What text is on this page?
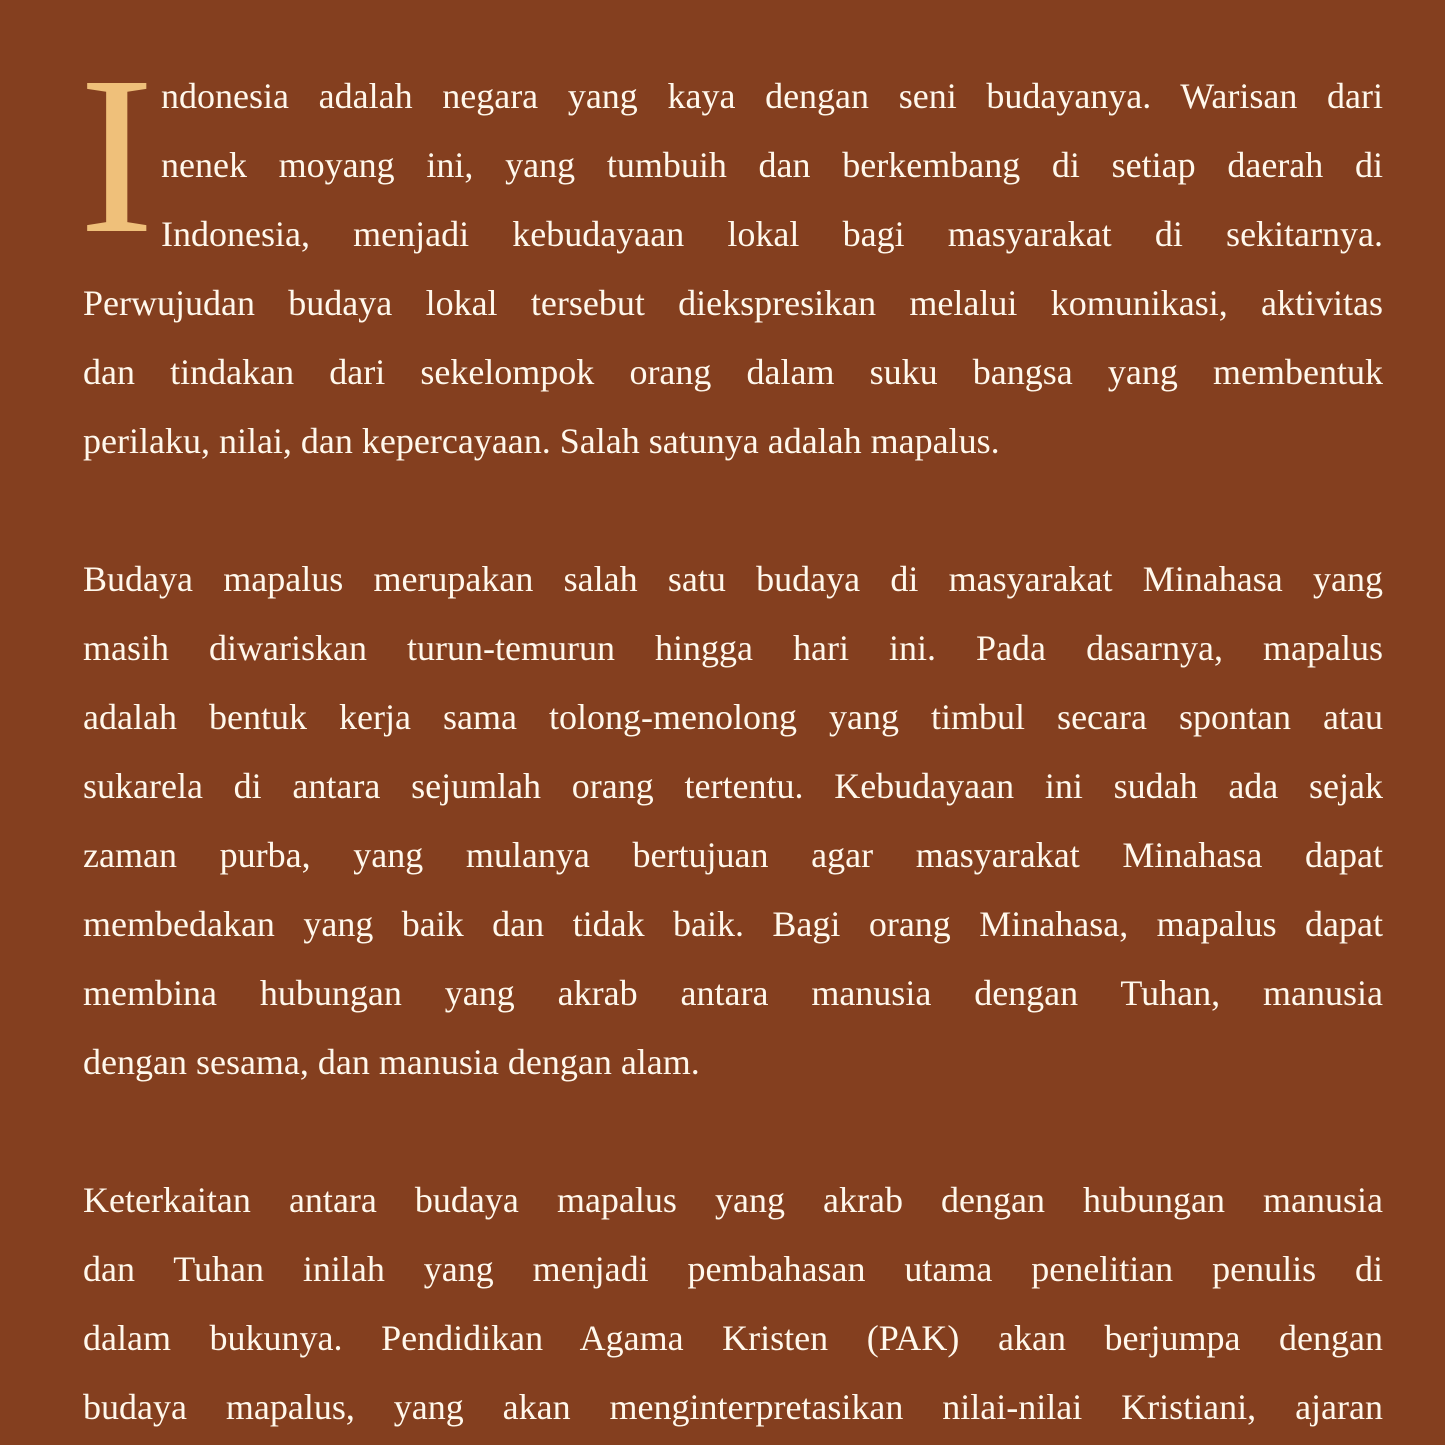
I ndonesia adalah negara yang kaya dengan seni budayanya. Warisan dari
nenek moyang ini, yang tumbuih dan berkembang di setiap daerah di
Indonesia, menjadi kebudayaan lokal bagi masyarakat di sekitarnya.
Perwujudan budaya lokal tersebut diekspresikan melalui komunikasi, aktivitas
dan tindakan dari sekelompok orang dalam suku bangsa yang membentuk
perilaku, nilai, dan kepercayaan. Salah satunya adalah mapalus.
Budaya mapalus merupakan salah satu budaya di masyarakat Minahasa yang
masih diwariskan turun-temurun hingga hari ini. Pada dasarnya, mapalus
adalah bentuk kerja sama tolong-menolong yang timbul secara spontan atau
sukarela di antara sejumlah orang tertentu. Kebudayaan ini sudah ada sejak
zaman purba, yang mulanya bertujuan agar masyarakat Minahasa dapat
membedakan yang baik dan tidak baik. Bagi orang Minahasa, mapalus dapat
membina hubungan yang akrab antara manusia dengan Tuhan, manusia
dengan sesama, dan manusia dengan alam.
Keterkaitan antara budaya mapalus yang akrab dengan hubungan manusia
dan Tuhan inilah yang menjadi pembahasan utama penelitian penulis di
dalam bukunya. Pendidikan Agama Kristen (PAK) akan berjumpa dengan
budaya mapalus, yang akan menginterpretasikan nilai-nilai Kristiani, ajaran
